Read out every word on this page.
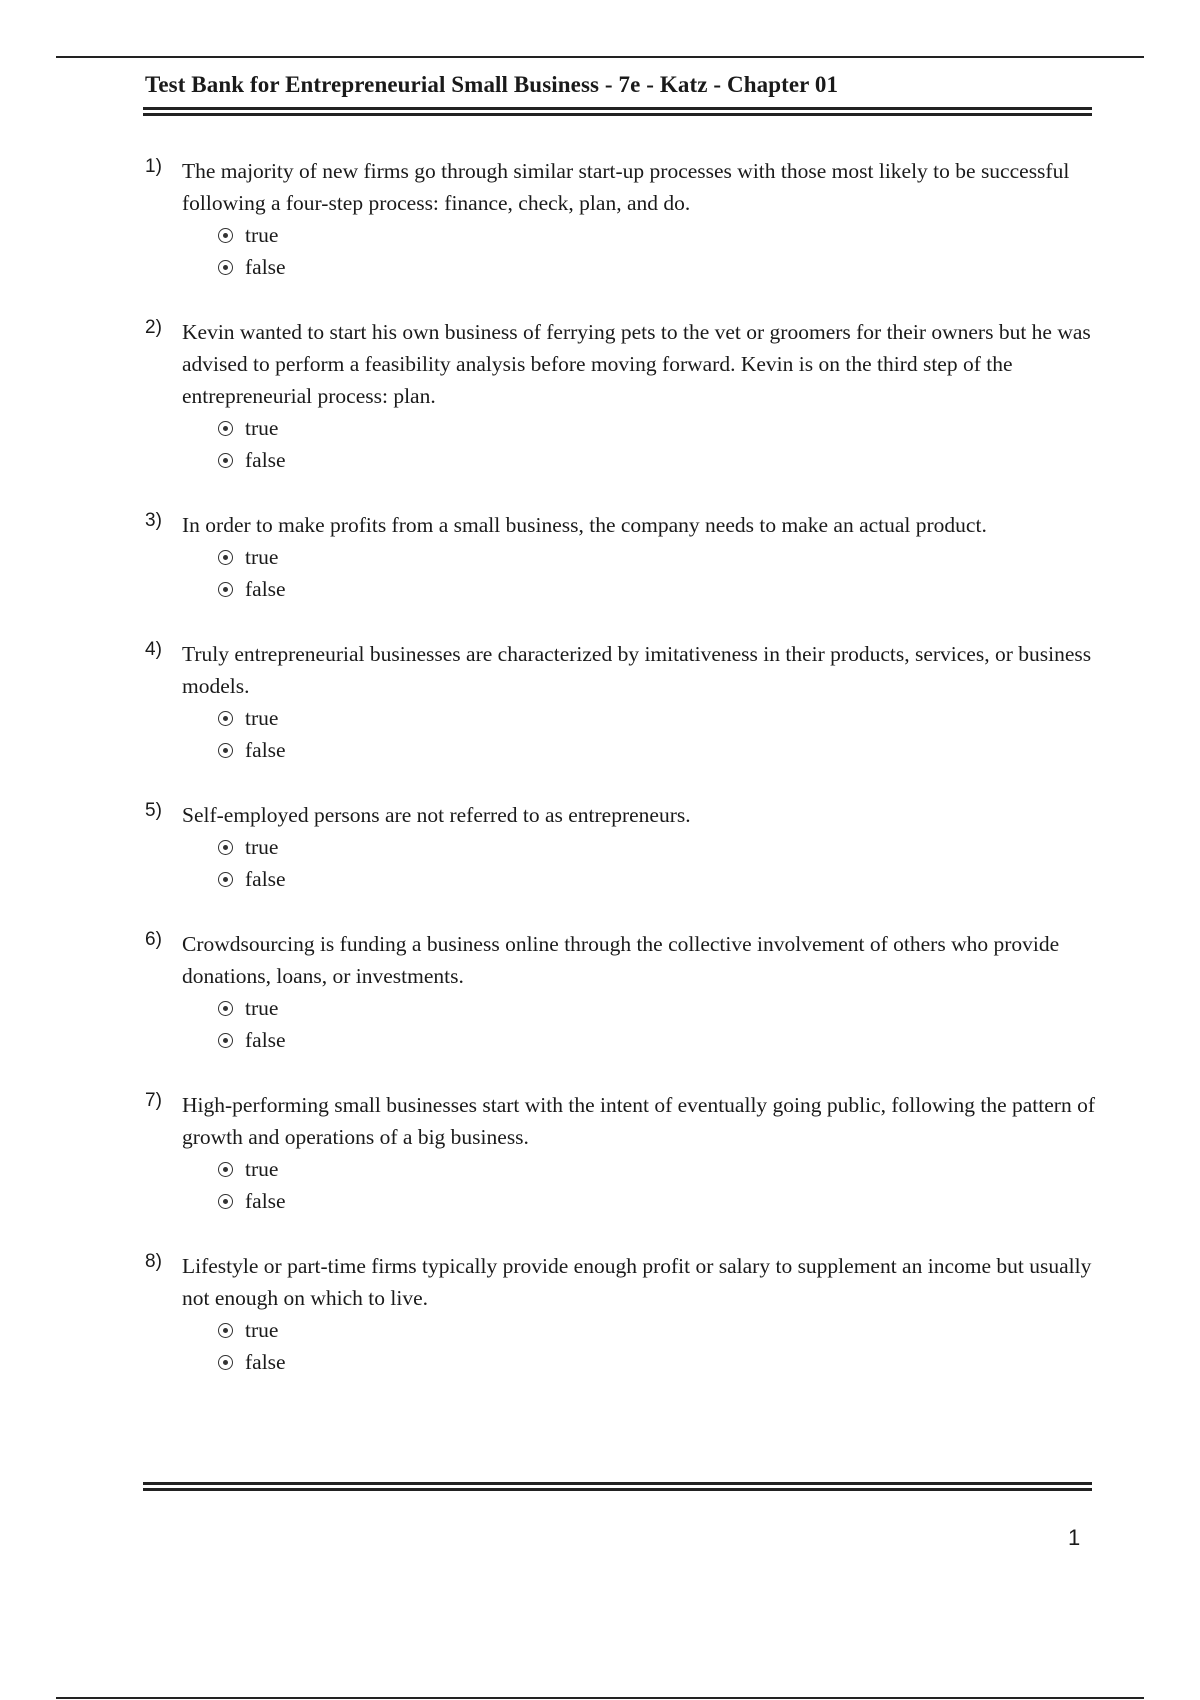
Test Bank for Entrepreneurial Small Business - 7e - Katz - Chapter 01
1) The majority of new firms go through similar start-up processes with those most likely to be successful following a four-step process: finance, check, plan, and do.
true
false
2) Kevin wanted to start his own business of ferrying pets to the vet or groomers for their owners but he was advised to perform a feasibility analysis before moving forward. Kevin is on the third step of the entrepreneurial process: plan.
true
false
3) In order to make profits from a small business, the company needs to make an actual product.
true
false
4) Truly entrepreneurial businesses are characterized by imitativeness in their products, services, or business models.
true
false
5) Self-employed persons are not referred to as entrepreneurs.
true
false
6) Crowdsourcing is funding a business online through the collective involvement of others who provide donations, loans, or investments.
true
false
7) High-performing small businesses start with the intent of eventually going public, following the pattern of growth and operations of a big business.
true
false
8) Lifestyle or part-time firms typically provide enough profit or salary to supplement an income but usually not enough on which to live.
true
false
1
